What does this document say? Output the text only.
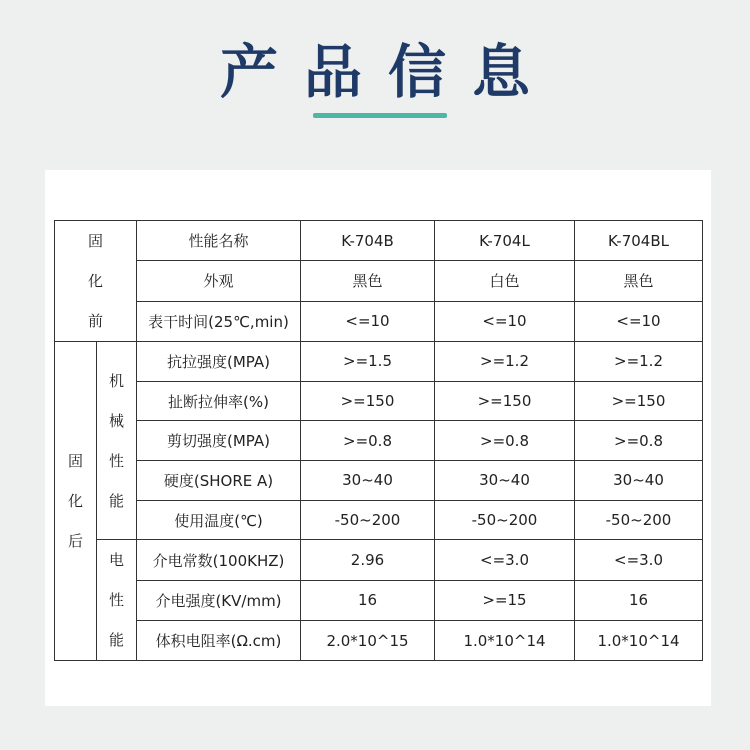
产品信息
固
化
前		性能名称	K-704B	K-704L	K-704BL
		外观	黑色	白色	黑色
		表干时间(25℃,min)	<=10	<=10	<=10

固
化
后	机
械
性
能	抗拉强度(MPA)	>=1.5	>=1.2	>=1.2
		扯断拉伸率(%)	>=150	>=150	>=150
		剪切强度(MPA)	>=0.8	>=0.8	>=0.8
		硬度(SHORE A)	30~40	30~40	30~40
		使用温度(℃)	-50~200	-50~200	-50~200

	电
性
能	介电常数(100KHZ)	2.96	<=3.0	<=3.0
		介电强度(KV/mm)	16	>=15	16
		体积电阻率(Ω.cm)	2.0*10^15	1.0*10^14	1.0*10^14
